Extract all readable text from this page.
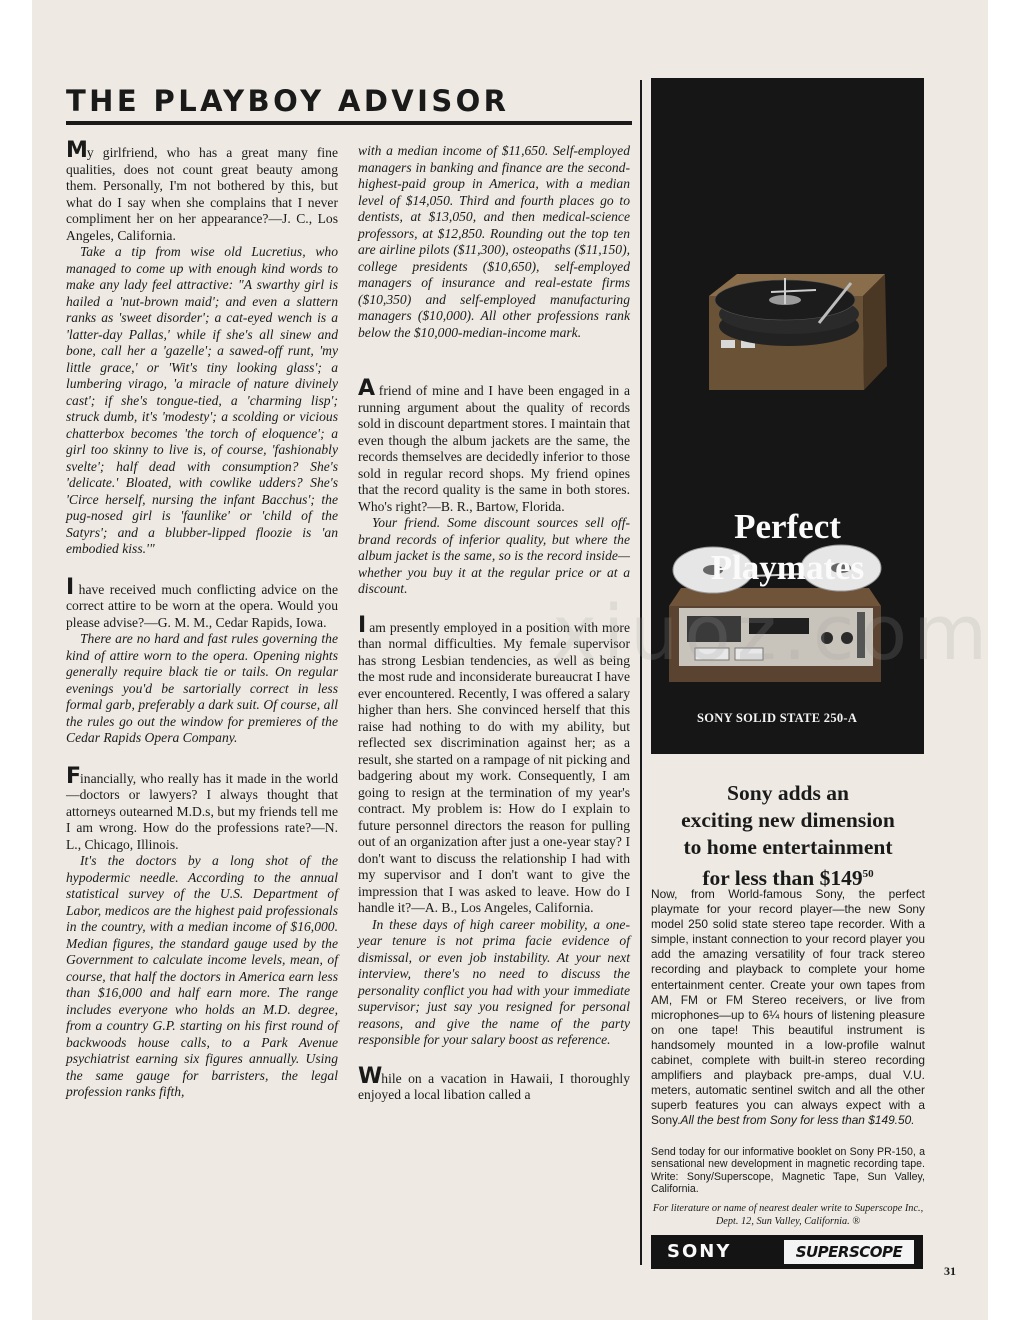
THE PLAYBOY ADVISOR
My girlfriend, who has a great many fine qualities, does not count great beauty among them. Personally, I'm not bothered by this, but what do I say when she complains that I never compliment her on her appearance?—J. C., Los Angeles, California.
Take a tip from wise old Lucretius, who managed to come up with enough kind words to make any lady feel attractive: "A swarthy girl is hailed a 'nut-brown maid'; and even a slattern ranks as 'sweet disorder'; a cat-eyed wench is a 'latter-day Pallas,' while if she's all sinew and bone, call her a 'gazelle'; a sawed-off runt, 'my little grace,' or 'Wit's tiny looking glass'; a lumbering virago, 'a miracle of nature divinely cast'; if she's tongue-tied, a 'charming lisp'; struck dumb, it's 'modesty'; a scolding or vicious chatterbox becomes 'the torch of eloquence'; a girl too skinny to live is, of course, 'fashionably svelte'; half dead with consumption? She's 'delicate.' Bloated, with cowlike udders? She's 'Circe herself, nursing the infant Bacchus'; the pug-nosed girl is 'faunlike' or 'child of the Satyrs'; and a blubber-lipped floozie is 'an embodied kiss.'"
I have received much conflicting advice on the correct attire to be worn at the opera. Would you please advise?—G. M. M., Cedar Rapids, Iowa.
There are no hard and fast rules governing the kind of attire worn to the opera. Opening nights generally require black tie or tails. On regular evenings you'd be sartorially correct in less formal garb, preferably a dark suit. Of course, all the rules go out the window for premieres of the Cedar Rapids Opera Company.
Financially, who really has it made in the world—doctors or lawyers? I always thought that attorneys outearned M.D.s, but my friends tell me I am wrong. How do the professions rate?—N. L., Chicago, Illinois.
It's the doctors by a long shot of the hypodermic needle. According to the annual statistical survey of the U.S. Department of Labor, medicos are the highest paid professionals in the country, with a median income of $16,000. Median figures, the standard gauge used by the Government to calculate income levels, mean, of course, that half the doctors in America earn less than $16,000 and half earn more. The range includes everyone who holds an M.D. degree, from a country G.P. starting on his first round of backwoods house calls, to a Park Avenue psychiatrist earning six figures annually. Using the same gauge for barristers, the legal profession ranks fifth,
with a median income of $11,650. Self-employed managers in banking and finance are the second-highest-paid group in America, with a median level of $14,050. Third and fourth places go to dentists, at $13,050, and then medical-science professors, at $12,850. Rounding out the top ten are airline pilots ($11,300), osteopaths ($11,150), college presidents ($10,650), self-employed managers of insurance and real-estate firms ($10,350) and self-employed manufacturing managers ($10,000). All other professions rank below the $10,000-median-income mark.
A friend of mine and I have been engaged in a running argument about the quality of records sold in discount department stores. I maintain that even though the album jackets are the same, the records themselves are decidedly inferior to those sold in regular record shops. My friend opines that the record quality is the same in both stores. Who's right?—B. R., Bartow, Florida.
Your friend. Some discount sources sell off-brand records of inferior quality, but where the album jacket is the same, so is the record inside—whether you buy it at the regular price or at a discount.
I am presently employed in a position with more than normal difficulties. My female supervisor has strong Lesbian tendencies, as well as being the most rude and inconsiderate bureaucrat I have ever encountered. Recently, I was offered a salary higher than hers. She convinced herself that this raise had nothing to do with my ability, but reflected sex discrimination against her; as a result, she started on a rampage of nit picking and badgering about my work. Consequently, I am going to resign at the termination of my year's contract. My problem is: How do I explain to future personnel directors the reason for pulling out of an organization after just a one-year stay? I don't want to discuss the relationship I had with my supervisor and I don't want to give the impression that I was asked to leave. How do I handle it?—A. B., Los Angeles, California.
In these days of high career mobility, a one-year tenure is not prima facie evidence of dismissal, or even job instability. At your next interview, there's no need to discuss the personality conflict you had with your immediate supervisor; just say you resigned for personal reasons, and give the name of the party responsible for your salary boost as reference.
While on a vacation in Hawaii, I thoroughly enjoyed a local libation called a
Perfect
Playmates
SONY SOLID STATE 250-A
Sony adds an
exciting new dimension
to home entertainment
for less than $\$149^{50}$
Now, from World-famous Sony, the perfect playmate for your record player—the new Sony model 250 solid state stereo tape recorder. With a simple, instant connection to your record player you add the amazing versatility of four track stereo recording and playback to complete your home entertainment center. Create your own tapes from AM, FM or FM Stereo receivers, or live from microphones—up to 6¼ hours of listening pleasure on one tape! This beautiful instrument is handsomely mounted in a low-profile walnut cabinet, complete with built-in stereo recording amplifiers and playback pre-amps, dual V.U. meters, automatic sentinel switch and all the other superb features you can always expect with a Sony.All the best from Sony for less than $149.50.
Send today for our informative booklet on Sony PR-150, a sensational new development in magnetic recording tape. Write: Sony/Superscope, Magnetic Tape, Sun Valley, California.
For literature or name of nearest dealer write to Superscope Inc., Dept. 12, Sun Valley, California. ®
SONY	SUPERSCOPE
31
xiuoz.com
